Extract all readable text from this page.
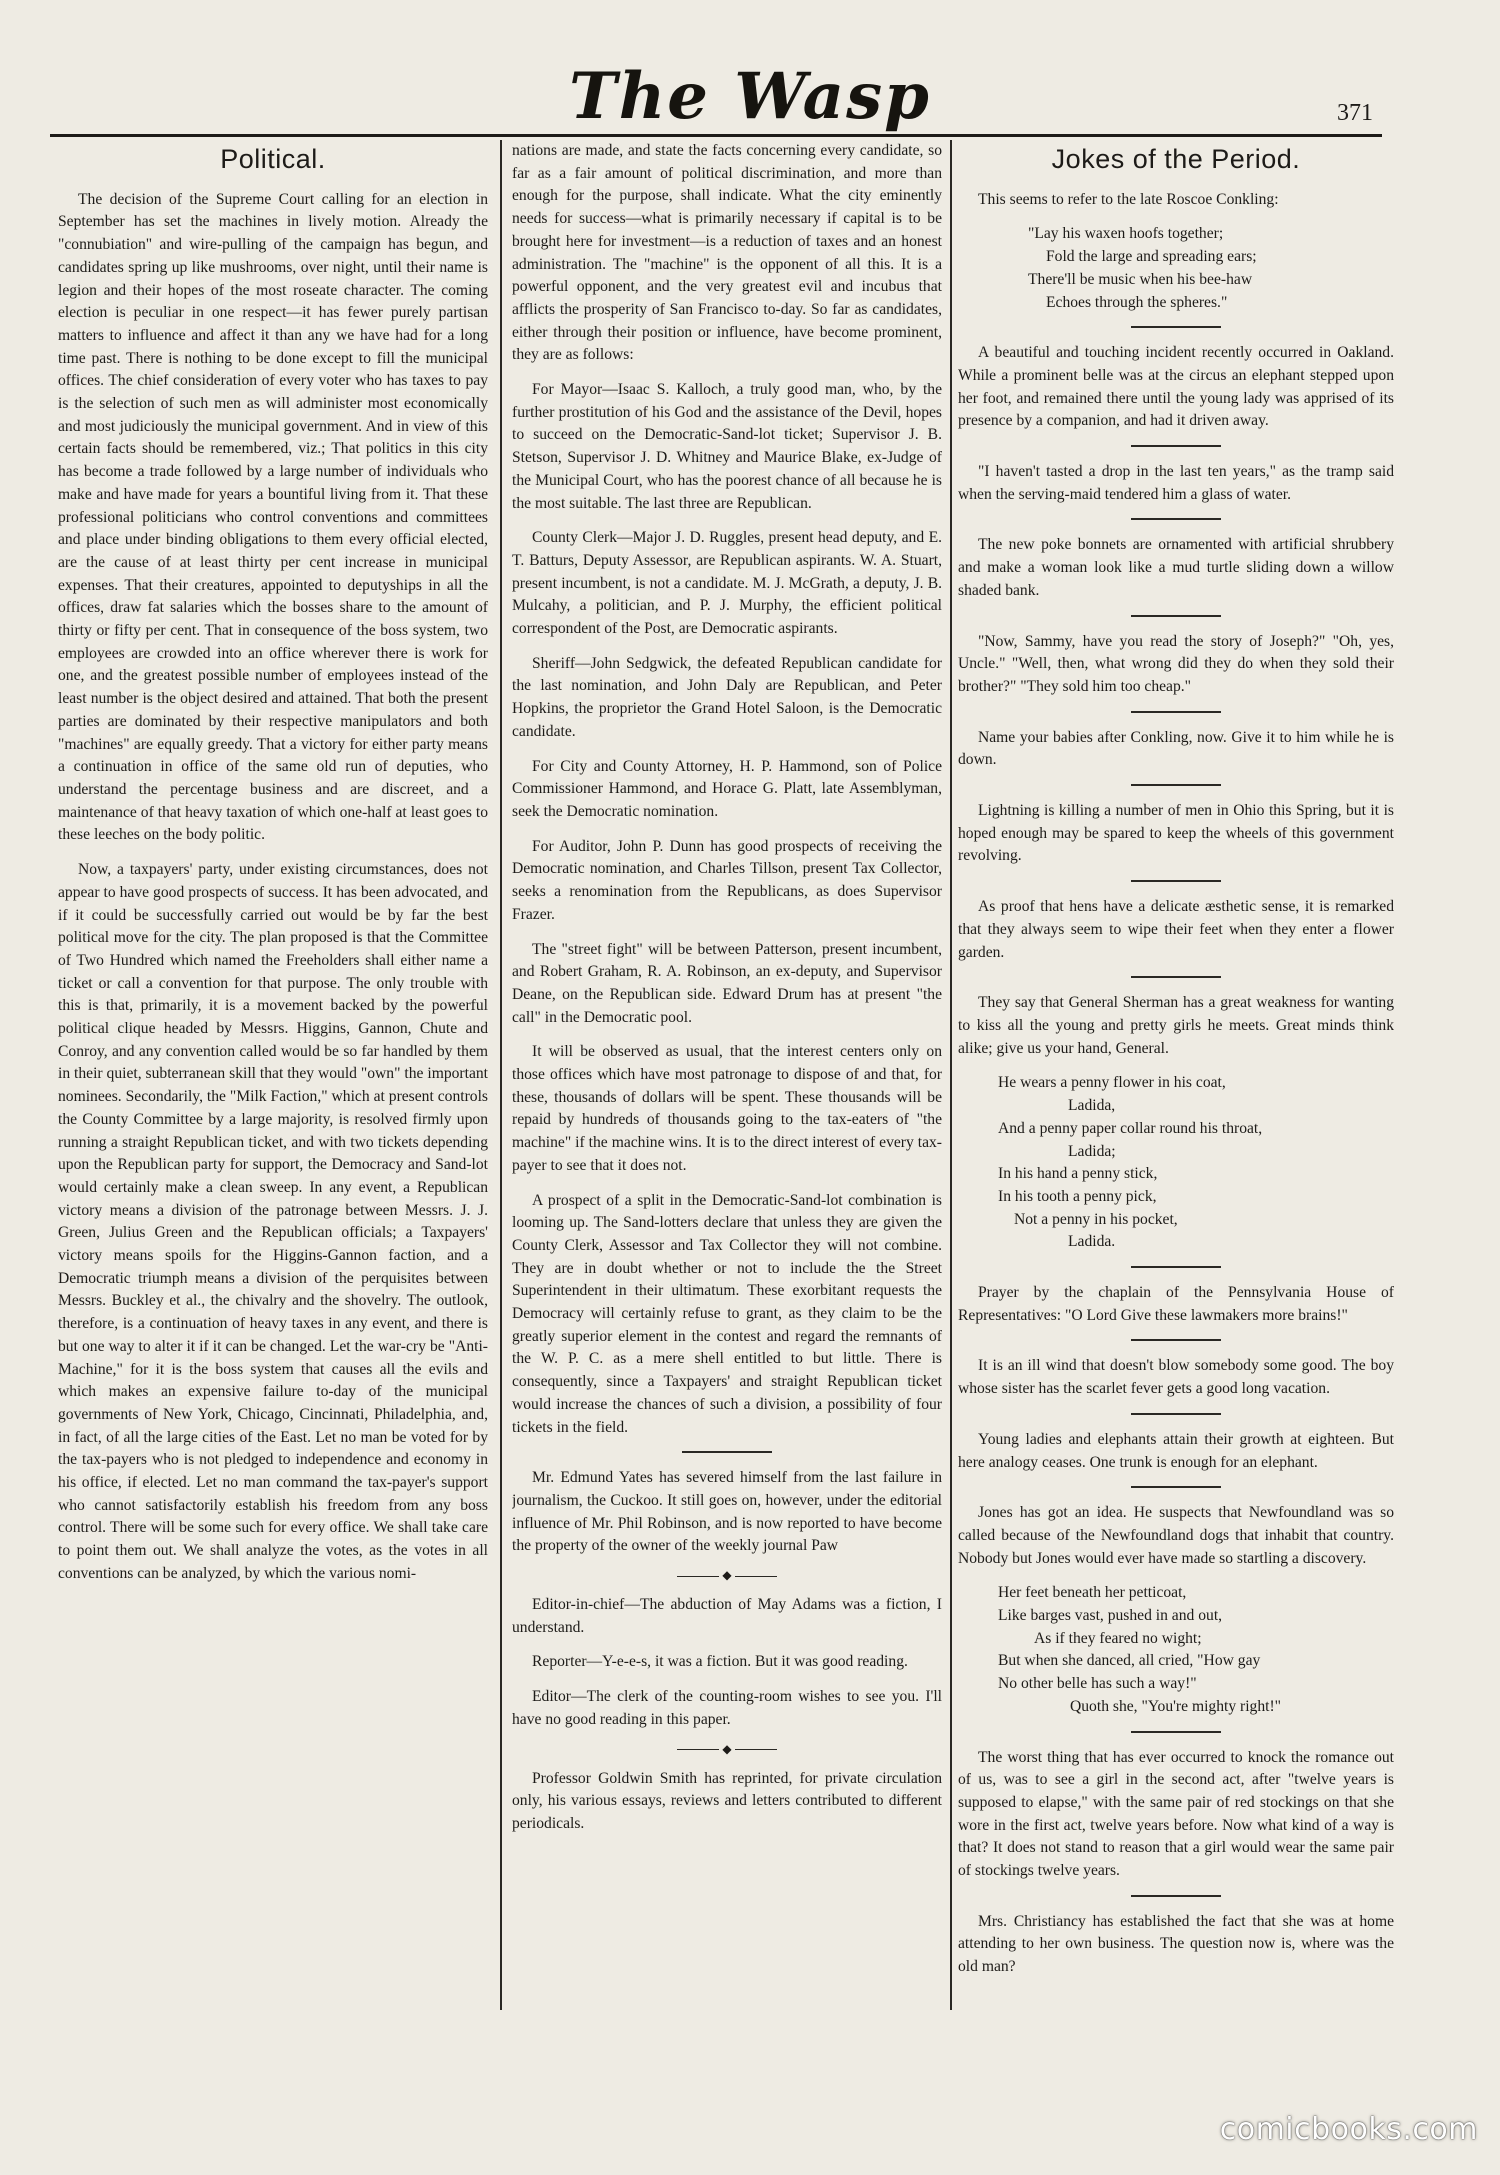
The Wasp	371
Political.

The decision of the Supreme Court calling for an election in September has set the machines in lively motion. Already the "connubiation" and wire-pulling of the campaign has begun, and candidates spring up like mushrooms, over night, until their name is legion and their hopes of the most roseate character. The coming election is peculiar in one respect—it has fewer purely partisan matters to influence and affect it than any we have had for a long time past. There is nothing to be done except to fill the municipal offices. The chief consideration of every voter who has taxes to pay is the selection of such men as will administer most economically and most judiciously the municipal government. And in view of this certain facts should be remembered, viz.; That politics in this city has become a trade followed by a large number of individuals who make and have made for years a bountiful living from it. That these professional politicians who control conventions and committees and place under binding obligations to them every official elected, are the cause of at least thirty per cent increase in municipal expenses. That their creatures, appointed to deputyships in all the offices, draw fat salaries which the bosses share to the amount of thirty or fifty per cent. That in consequence of the boss system, two employees are crowded into an office wherever there is work for one, and the greatest possible number of employees instead of the least number is the object desired and attained. That both the present parties are dominated by their respective manipulators and both "machines" are equally greedy. That a victory for either party means a continuation in office of the same old run of deputies, who understand the percentage business and are discreet, and a maintenance of that heavy taxation of which one-half at least goes to these leeches on the body politic.

Now, a taxpayers' party, under existing circumstances, does not appear to have good prospects of success. It has been advocated, and if it could be successfully carried out would be by far the best political move for the city. The plan proposed is that the Committee of Two Hundred which named the Freeholders shall either name a ticket or call a convention for that purpose. The only trouble with this is that, primarily, it is a movement backed by the powerful political clique headed by Messrs. Higgins, Gannon, Chute and Conroy, and any convention called would be so far handled by them in their quiet, subterranean skill that they would "own" the important nominees. Secondarily, the "Milk Faction," which at present controls the County Committee by a large majority, is resolved firmly upon running a straight Republican ticket, and with two tickets depending upon the Republican party for support, the Democracy and Sand-lot would certainly make a clean sweep. In any event, a Republican victory means a division of the patronage between Messrs. J. J. Green, Julius Green and the Republican officials; a Taxpayers' victory means spoils for the Higgins-Gannon faction, and a Democratic triumph means a division of the perquisites between Messrs. Buckley et al., the chivalry and the shovelry. The outlook, therefore, is a continuation of heavy taxes in any event, and there is but one way to alter it if it can be changed. Let the war-cry be "Anti-Machine," for it is the boss system that causes all the evils and which makes an expensive failure to-day of the municipal governments of New York, Chicago, Cincinnati, Philadelphia, and, in fact, of all the large cities of the East. Let no man be voted for by the tax-payers who is not pledged to independence and economy in his office, if elected. Let no man command the tax-payer's support who cannot satisfactorily establish his freedom from any boss control. There will be some such for every office. We shall take care to point them out. We shall analyze the votes, as the votes in all conventions can be analyzed, by which the various nomi-

nations are made, and state the facts concerning every candidate, so far as a fair amount of political discrimination, and more than enough for the purpose, shall indicate. What the city eminently needs for success—what is primarily necessary if capital is to be brought here for investment—is a reduction of taxes and an honest administration. The "machine" is the opponent of all this. It is a powerful opponent, and the very greatest evil and incubus that afflicts the prosperity of San Francisco to-day. So far as candidates, either through their position or influence, have become prominent, they are as follows:

For Mayor—Isaac S. Kalloch, a truly good man, who, by the further prostitution of his God and the assistance of the Devil, hopes to succeed on the Democratic-Sand-lot ticket; Supervisor J. B. Stetson, Supervisor J. D. Whitney and Maurice Blake, ex-Judge of the Municipal Court, who has the poorest chance of all because he is the most suitable. The last three are Republican.

County Clerk—Major J. D. Ruggles, present head deputy, and E. T. Batturs, Deputy Assessor, are Republican aspirants. W. A. Stuart, present incumbent, is not a candidate. M. J. McGrath, a deputy, J. B. Mulcahy, a politician, and P. J. Murphy, the efficient political correspondent of the Post, are Democratic aspirants.

Sheriff—John Sedgwick, the defeated Republican candidate for the last nomination, and John Daly are Republican, and Peter Hopkins, the proprietor the Grand Hotel Saloon, is the Democratic candidate.

For City and County Attorney, H. P. Hammond, son of Police Commissioner Hammond, and Horace G. Platt, late Assemblyman, seek the Democratic nomination.

For Auditor, John P. Dunn has good prospects of receiving the Democratic nomination, and Charles Tillson, present Tax Collector, seeks a renomination from the Republicans, as does Supervisor Frazer.

The "street fight" will be between Patterson, present incumbent, and Robert Graham, R. A. Robinson, an ex-deputy, and Supervisor Deane, on the Republican side. Edward Drum has at present "the call" in the Democratic pool.

It will be observed as usual, that the interest centers only on those offices which have most patronage to dispose of and that, for these, thousands of dollars will be spent. These thousands will be repaid by hundreds of thousands going to the tax-eaters of "the machine" if the machine wins. It is to the direct interest of every tax-payer to see that it does not.

A prospect of a split in the Democratic-Sand-lot combination is looming up. The Sand-lotters declare that unless they are given the County Clerk, Assessor and Tax Collector they will not combine. They are in doubt whether or not to include the the Street Superintendent in their ultimatum. These exorbitant requests the Democracy will certainly refuse to grant, as they claim to be the greatly superior element in the contest and regard the remnants of the W. P. C. as a mere shell entitled to but little. There is consequently, since a Taxpayers' and straight Republican ticket would increase the chances of such a division, a possibility of four tickets in the field.

Mr. Edmund Yates has severed himself from the last failure in journalism, the Cuckoo. It still goes on, however, under the editorial influence of Mr. Phil Robinson, and is now reported to have become the property of the owner of the weekly journal Paw

◆

Editor-in-chief—The abduction of May Adams was a fiction, I understand.

Reporter—Y-e-e-s, it was a fiction. But it was good reading.

Editor—The clerk of the counting-room wishes to see you. I'll have no good reading in this paper.

◆

Professor Goldwin Smith has reprinted, for private circulation only, his various essays, reviews and letters contributed to different periodicals.

Jokes of the Period.

This seems to refer to the late Roscoe Conkling:

"Lay his waxen hoofs together;
Fold the large and spreading ears;
There'll be music when his bee-haw
Echoes through the spheres."

A beautiful and touching incident recently occurred in Oakland. While a prominent belle was at the circus an elephant stepped upon her foot, and remained there until the young lady was apprised of its presence by a companion, and had it driven away.

"I haven't tasted a drop in the last ten years," as the tramp said when the serving-maid tendered him a glass of water.

The new poke bonnets are ornamented with artificial shrubbery and make a woman look like a mud turtle sliding down a willow shaded bank.

"Now, Sammy, have you read the story of Joseph?" "Oh, yes, Uncle." "Well, then, what wrong did they do when they sold their brother?" "They sold him too cheap."

Name your babies after Conkling, now. Give it to him while he is down.

Lightning is killing a number of men in Ohio this Spring, but it is hoped enough may be spared to keep the wheels of this government revolving.

As proof that hens have a delicate æsthetic sense, it is remarked that they always seem to wipe their feet when they enter a flower garden.

They say that General Sherman has a great weakness for wanting to kiss all the young and pretty girls he meets. Great minds think alike; give us your hand, General.

He wears a penny flower in his coat,
Ladida,
And a penny paper collar round his throat,
Ladida;
In his hand a penny stick,
In his tooth a penny pick,
Not a penny in his pocket,
Ladida.

Prayer by the chaplain of the Pennsylvania House of Representatives: "O Lord Give these lawmakers more brains!"

It is an ill wind that doesn't blow somebody some good. The boy whose sister has the scarlet fever gets a good long vacation.

Young ladies and elephants attain their growth at eighteen. But here analogy ceases. One trunk is enough for an elephant.

Jones has got an idea. He suspects that Newfoundland was so called because of the Newfoundland dogs that inhabit that country. Nobody but Jones would ever have made so startling a discovery.

Her feet beneath her petticoat,
Like barges vast, pushed in and out,
As if they feared no wight;
But when she danced, all cried, "How gay
No other belle has such a way!"
Quoth she, "You're mighty right!"

The worst thing that has ever occurred to knock the romance out of us, was to see a girl in the second act, after "twelve years is supposed to elapse," with the same pair of red stockings on that she wore in the first act, twelve years before. Now what kind of a way is that? It does not stand to reason that a girl would wear the same pair of stockings twelve years.

Mrs. Christiancy has established the fact that she was at home attending to her own business. The question now is, where was the old man?

comicbooks.com
